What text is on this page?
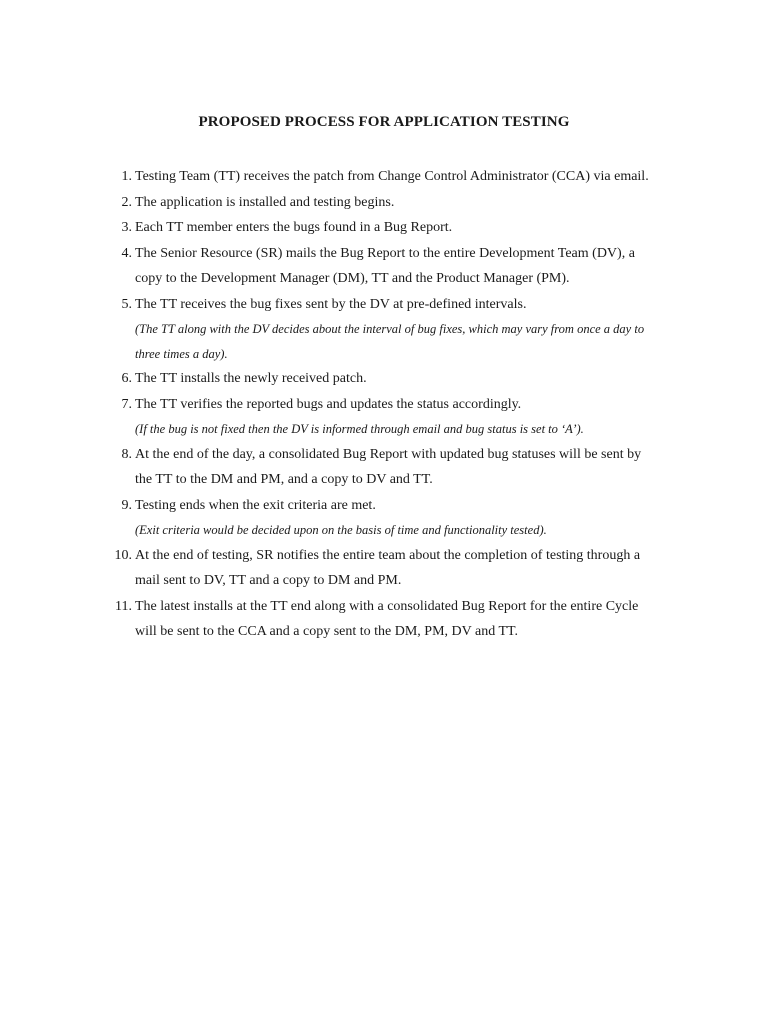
PROPOSED PROCESS FOR APPLICATION TESTING
1. Testing Team (TT) receives the patch from Change Control Administrator (CCA) via email.
2. The application is installed and testing begins.
3. Each TT member enters the bugs found in a Bug Report.
4. The Senior Resource (SR) mails the Bug Report to the entire Development Team (DV), a copy to the Development Manager (DM), TT and the Product Manager (PM).
5. The TT receives the bug fixes sent by the DV at pre-defined intervals.
(The TT along with the DV decides about the interval of bug fixes, which may vary from once a day to three times a day).
6. The TT installs the newly received patch.
7. The TT verifies the reported bugs and updates the status accordingly.
(If the bug is not fixed then the DV is informed through email and bug status is set to ‘A’).
8. At the end of the day, a consolidated Bug Report with updated bug statuses will be sent by the TT to the DM and PM, and a copy to DV and TT.
9. Testing ends when the exit criteria are met.
(Exit criteria would be decided upon on the basis of time and functionality tested).
10. At the end of testing, SR notifies the entire team about the completion of testing through a mail sent to DV, TT and a copy to DM and PM.
11. The latest installs at the TT end along with a consolidated Bug Report for the entire Cycle will be sent to the CCA and a copy sent to the DM, PM, DV and TT.
